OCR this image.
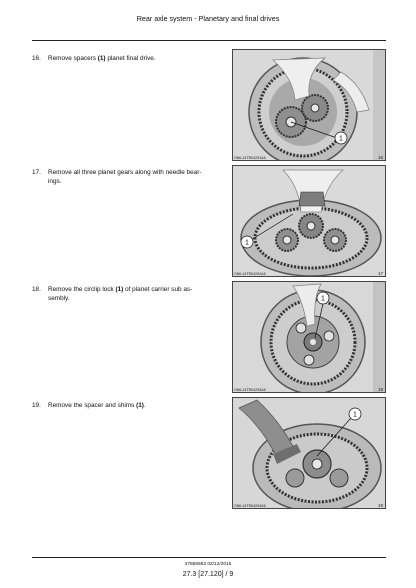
Rear axle system - Planetary and final drives
16. Remove spacers (1) planet final drive.
1
GNIL14TR04291A6	16
17. Remove all three planet gears along with needle bear-
ings.
1
GNIL14TR04292A6	17
18. Remove the circlip lock (1) of planet carrier sub as-
sembly.	1
GNIL14TR04293A6	18
19. Remove the spacer and shims (1).
1
GNIL14TR04294A6	19
47866583 02/12/2015
27.3 [27.120] / 9
